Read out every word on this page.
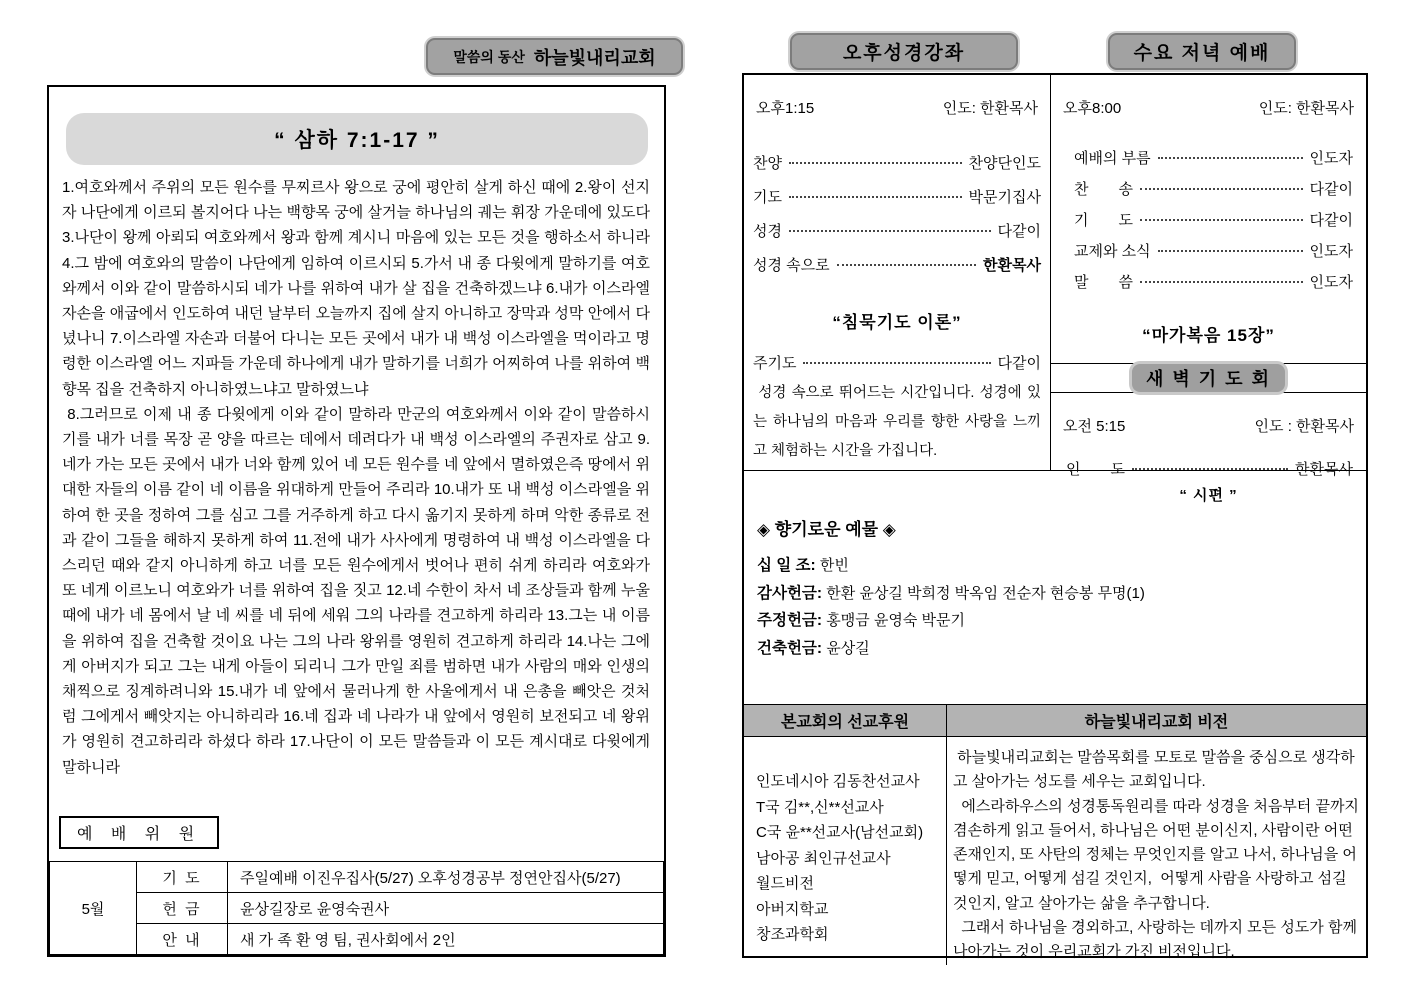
말씀의 동산 하늘빛내리교회
“ 삼하 7:1-17 ”

1.여호와께서 주위의 모든 원수를 무찌르사 왕으로 궁에 평안히 살게 하신 때에 2.왕이 선지자 나단에게 이르되 볼지어다 나는 백향목 궁에 살거늘 하나님의 궤는 휘장 가운데에 있도다 3.나단이 왕께 아뢰되 여호와께서 왕과 함께 계시니 마음에 있는 모든 것을 행하소서 하니라 4.그 밤에 여호와의 말씀이 나단에게 임하여 이르시되 5.가서 내 종 다윗에게 말하기를 여호와께서 이와 같이 말씀하시되 네가 나를 위하여 내가 살 집을 건축하겠느냐 6.내가 이스라엘 자손을 애굽에서 인도하여 내던 날부터 오늘까지 집에 살지 아니하고 장막과 성막 안에서 다녔나니 7.이스라엘 자손과 더불어 다니는 모든 곳에서 내가 내 백성 이스라엘을 먹이라고 명령한 이스라엘 어느 지파들 가운데 하나에게 내가 말하기를 너희가 어찌하여 나를 위하여 백향목 집을 건축하지 아니하였느냐고 말하였느냐

8.그러므로 이제 내 종 다윗에게 이와 같이 말하라 만군의 여호와께서 이와 같이 말씀하시기를 내가 너를 목장 곧 양을 따르는 데에서 데려다가 내 백성 이스라엘의 주권자로 삼고 9.네가 가는 모든 곳에서 내가 너와 함께 있어 네 모든 원수를 네 앞에서 멸하였은즉 땅에서 위대한 자들의 이름 같이 네 이름을 위대하게 만들어 주리라 10.내가 또 내 백성 이스라엘을 위하여 한 곳을 정하여 그를 심고 그를 거주하게 하고 다시 옮기지 못하게 하며 악한 종류로 전과 같이 그들을 해하지 못하게 하여 11.전에 내가 사사에게 명령하여 내 백성 이스라엘을 다스리던 때와 같지 아니하게 하고 너를 모든 원수에게서 벗어나 편히 쉬게 하리라 여호와가 또 네게 이르노니 여호와가 너를 위하여 집을 짓고 12.네 수한이 차서 네 조상들과 함께 누울 때에 내가 네 몸에서 날 네 씨를 네 뒤에 세워 그의 나라를 견고하게 하리라 13.그는 내 이름을 위하여 집을 건축할 것이요 나는 그의 나라 왕위를 영원히 견고하게 하리라 14.나는 그에게 아버지가 되고 그는 내게 아들이 되리니 그가 만일 죄를 범하면 내가 사람의 매와 인생의 채찍으로 징계하려니와 15.내가 네 앞에서 물러나게 한 사울에게서 내 은총을 빼앗은 것처럼 그에게서 빼앗지는 아니하리라 16.네 집과 네 나라가 내 앞에서 영원히 보전되고 네 왕위가 영원히 견고하리라 하셨다 하라 17.나단이 이 모든 말씀들과 이 모든 계시대로 다윗에게 말하니라

예 배 위 원
5월	기 도	주일예배 이진우집사(5/27) 오후성경공부 정연안집사(5/27)
	헌 금	윤상길장로 윤영숙권사
	안 내	새 가 족 환 영 팀, 권사회에서 2인
오후성경강좌	수요 저녁 예배
오후1:15	인도: 한환목사
찬양	찬양단인도
기도	박문기집사
성경	다같이
성경 속으로	한환목사
“침묵기도 이론”
주기도	다같이

성경 속으로 뛰어드는 시간입니다. 성경에 있는 하나님의 마음과 우리를 향한 사랑을 느끼고 체험하는 시간을 가집니다.

오후8:00	인도: 한환목사
예배의 부름	인도자
찬　　송	다같이
기　　도	다같이
교제와 소식	인도자
말　　씀	인도자
“마가복음 15장”
새 벽 기 도 회
오전 5:15	인도 : 한환목사
인　　도	한환목사
“ 시편 ”

◈ 향기로운 예물 ◈

십 일 조: 한빈
감사헌금: 한환 윤상길 박희정 박옥임 전순자 현승봉 무명(1)
주정헌금: 홍맹금 윤영숙 박문기
건축헌금: 윤상길
본교회의 선교후원	하늘빛내리교회 비전
인도네시아 김동찬선교사
T국 김**,신**선교사
C국 윤**선교사(남선교회)
남아공 최인규선교사
월드비전
아버지학교
창조과학회

하늘빛내리교회는 말씀목회를 모토로 말씀을 중심으로 생각하고 살아가는 성도를 세우는 교회입니다.

에스라하우스의 성경통독원리를 따라 성경을 처음부터 끝까지 겸손하게 읽고 들어서, 하나님은 어떤 분이신지, 사람이란 어떤 존재인지, 또 사탄의 정체는 무엇인지를 알고 나서, 하나님을 어떻게 믿고, 어떻게 섬길 것인지,  어떻게 사람을 사랑하고 섬길 것인지, 알고 살아가는 삶을 추구합니다.

그래서 하나님을 경외하고, 사랑하는 데까지 모든 성도가 함께 나아가는 것이 우리교회가 가진 비전입니다.
